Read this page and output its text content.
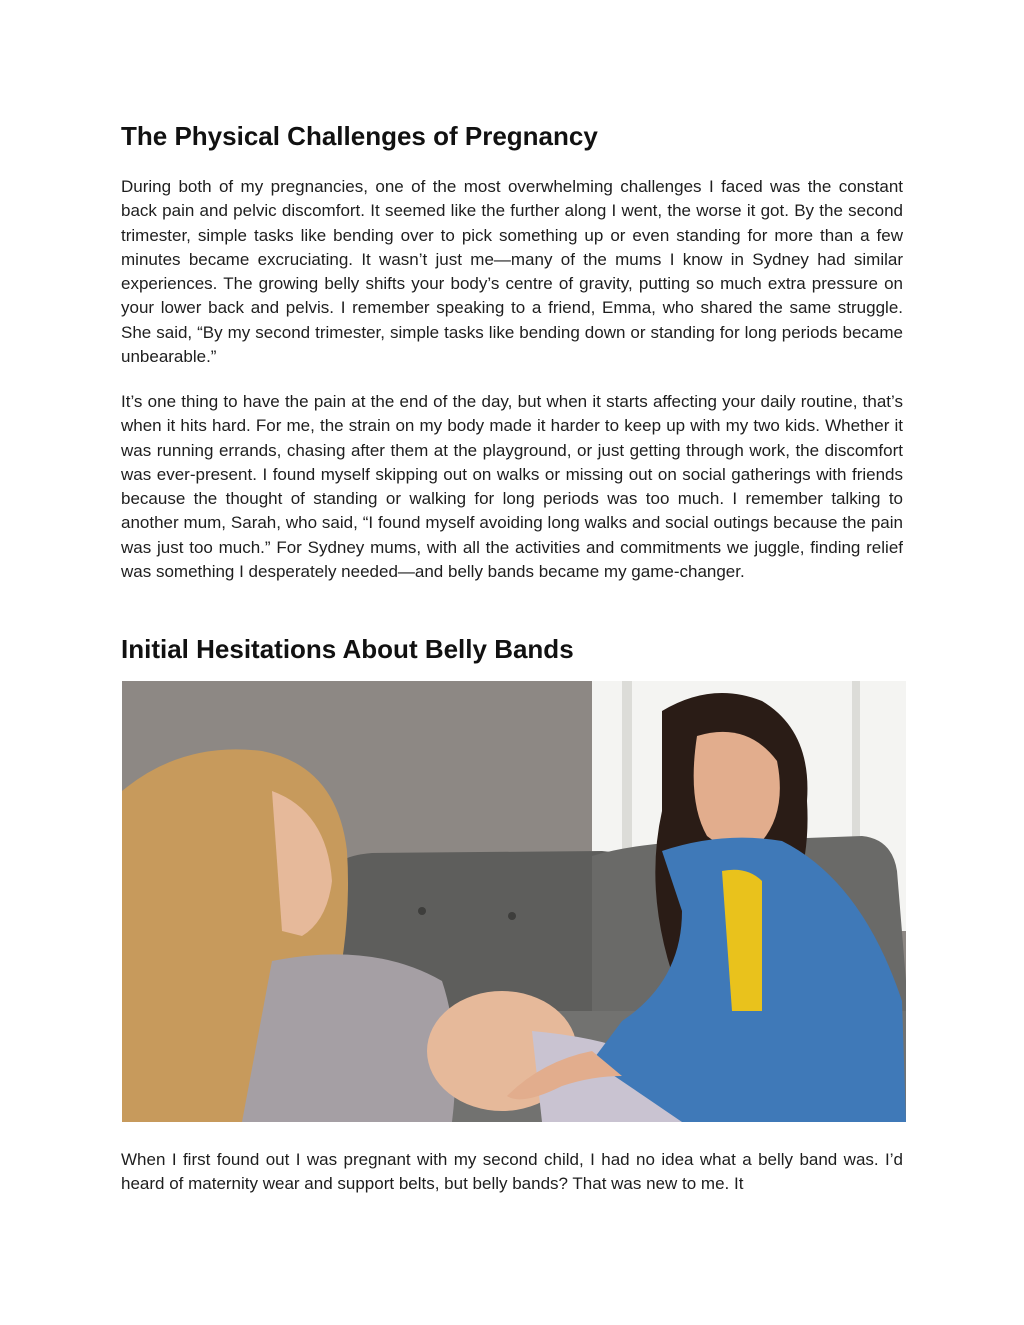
The Physical Challenges of Pregnancy

During both of my pregnancies, one of the most overwhelming challenges I faced was the constant back pain and pelvic discomfort. It seemed like the further along I went, the worse it got. By the second trimester, simple tasks like bending over to pick something up or even standing for more than a few minutes became excruciating. It wasn’t just me—many of the mums I know in Sydney had similar experiences. The growing belly shifts your body’s centre of gravity, putting so much extra pressure on your lower back and pelvis. I remember speaking to a friend, Emma, who shared the same struggle. She said, “By my second trimester, simple tasks like bending down or standing for long periods became unbearable.”

It’s one thing to have the pain at the end of the day, but when it starts affecting your daily routine, that’s when it hits hard. For me, the strain on my body made it harder to keep up with my two kids. Whether it was running errands, chasing after them at the playground, or just getting through work, the discomfort was ever-present. I found myself skipping out on walks or missing out on social gatherings with friends because the thought of standing or walking for long periods was too much. I remember talking to another mum, Sarah, who said, “I found myself avoiding long walks and social outings because the pain was just too much.” For Sydney mums, with all the activities and commitments we juggle, finding relief was something I desperately needed—and belly bands became my game-changer.

Initial Hesitations About Belly Bands

When I first found out I was pregnant with my second child, I had no idea what a belly band was. I’d heard of maternity wear and support belts, but belly bands? That was new to me. It
